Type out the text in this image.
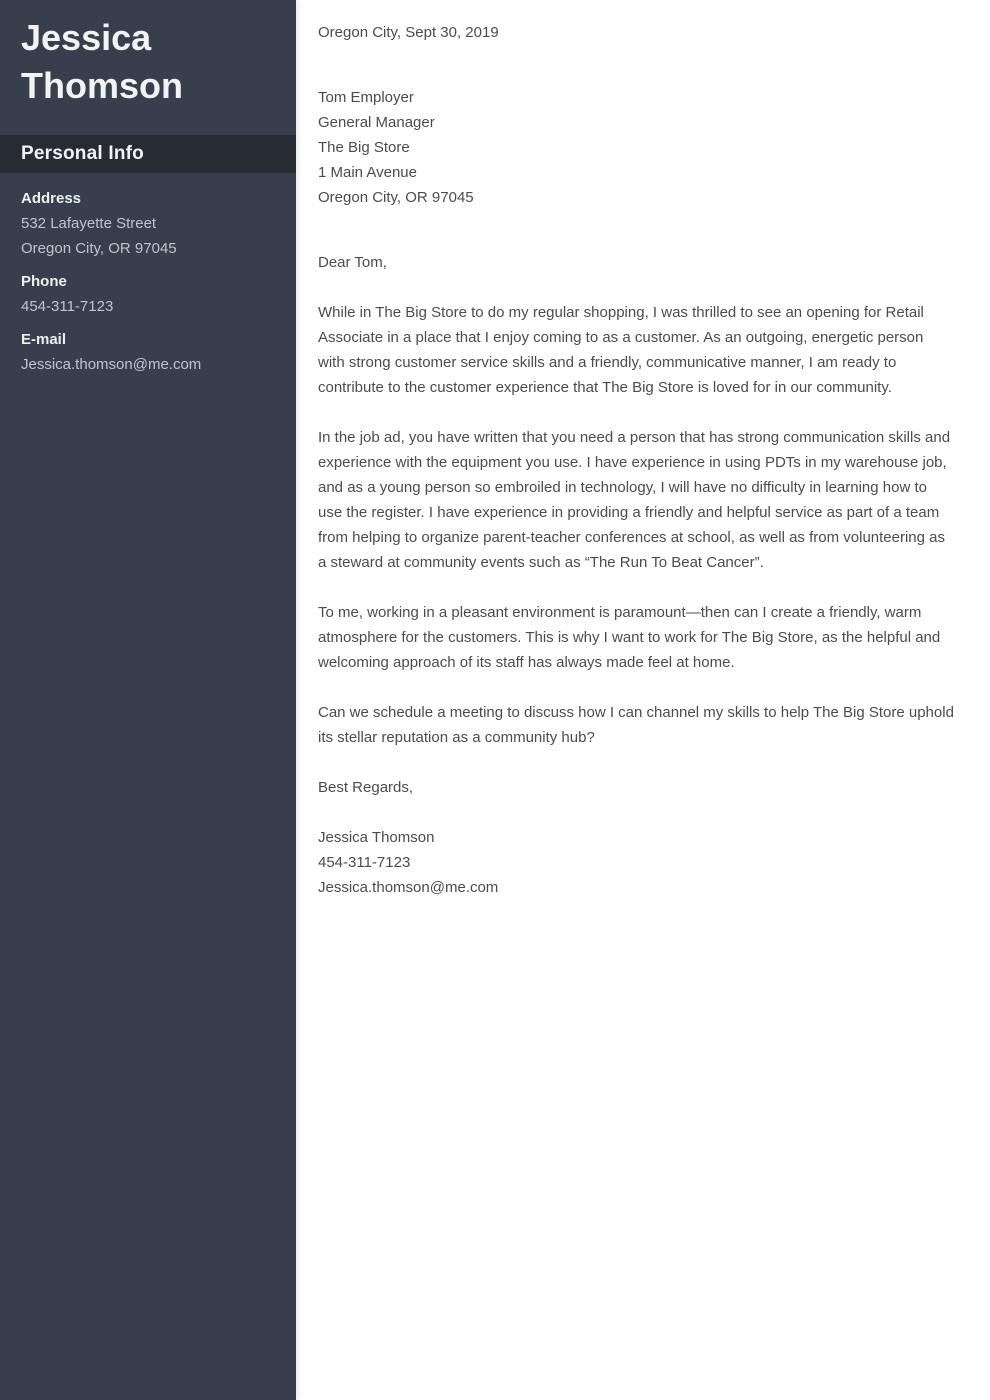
Jessica Thomson
Personal Info
Address
532 Lafayette Street
Oregon City, OR 97045
Phone
454-311-7123
E-mail
Jessica.thomson@me.com

Oregon City, Sept 30, 2019

Tom Employer
General Manager
The Big Store
1 Main Avenue
Oregon City, OR 97045

Dear Tom,

While in The Big Store to do my regular shopping, I was thrilled to see an opening for Retail Associate in a place that I enjoy coming to as a customer. As an outgoing, energetic person with strong customer service skills and a friendly, communicative manner, I am ready to contribute to the customer experience that The Big Store is loved for in our community.

In the job ad, you have written that you need a person that has strong communication skills and experience with the equipment you use. I have experience in using PDTs in my warehouse job, and as a young person so embroiled in technology, I will have no difficulty in learning how to use the register. I have experience in providing a friendly and helpful service as part of a team from helping to organize parent-teacher conferences at school, as well as from volunteering as a steward at community events such as “The Run To Beat Cancer”.

To me, working in a pleasant environment is paramount—then can I create a friendly, warm atmosphere for the customers. This is why I want to work for The Big Store, as the helpful and welcoming approach of its staff has always made feel at home.

Can we schedule a meeting to discuss how I can channel my skills to help The Big Store uphold its stellar reputation as a community hub?

Best Regards,

Jessica Thomson
454-311-7123
Jessica.thomson@me.com
